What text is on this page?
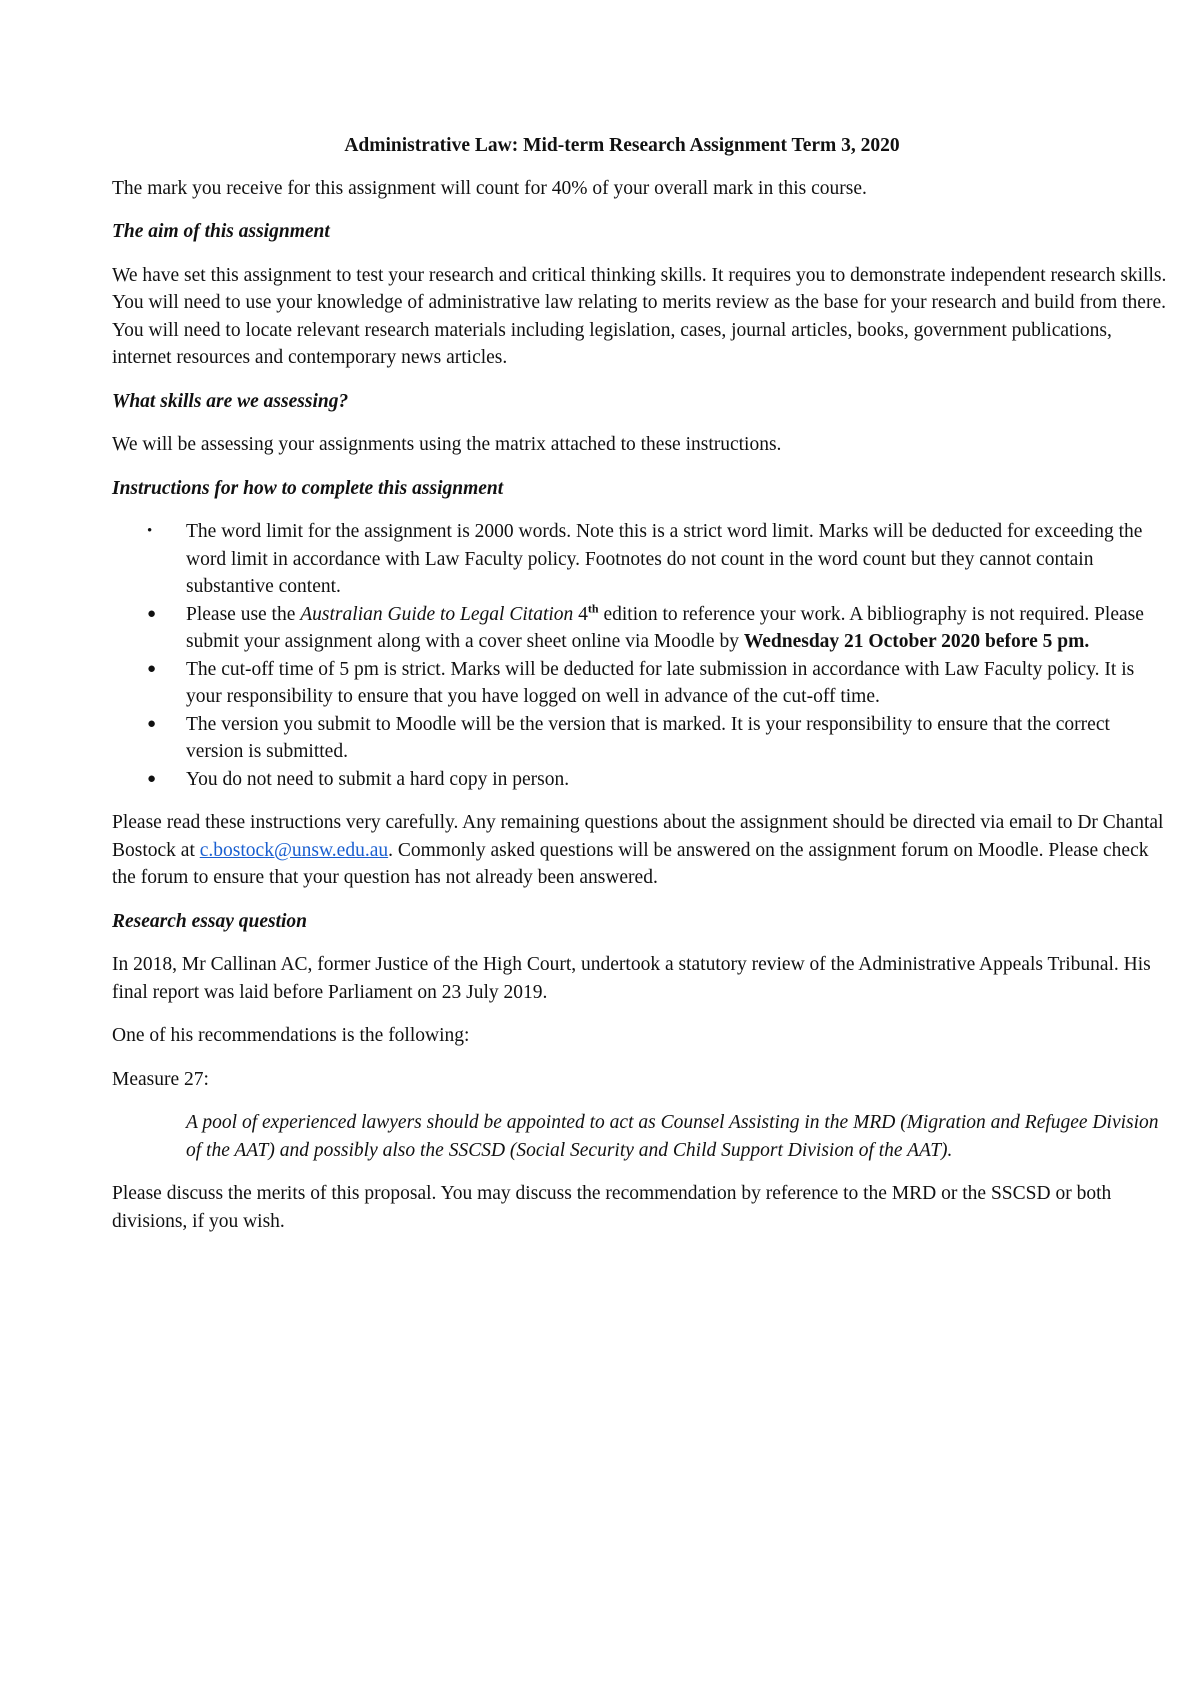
Administrative Law: Mid-term Research Assignment Term 3, 2020

The mark you receive for this assignment will count for 40% of your overall mark in this course.

The aim of this assignment

We have set this assignment to test your research and critical thinking skills. It requires you to demonstrate independent research skills. You will need to use your knowledge of administrative law relating to merits review as the base for your research and build from there. You will need to locate relevant research materials including legislation, cases, journal articles, books, government publications, internet resources and contemporary news articles.

What skills are we assessing?

We will be assessing your assignments using the matrix attached to these instructions.

Instructions for how to complete this assignment
• The word limit for the assignment is 2000 words. Note this is a strict word limit. Marks will be deducted for exceeding the word limit in accordance with Law Faculty policy. Footnotes do not count in the word count but they cannot contain substantive content.
● Please use the Australian Guide to Legal Citation 4th edition to reference your work. A bibliography is not required. Please submit your assignment along with a cover sheet online via Moodle by Wednesday 21 October 2020 before 5 pm.
● The cut-off time of 5 pm is strict. Marks will be deducted for late submission in accordance with Law Faculty policy. It is your responsibility to ensure that you have logged on well in advance of the cut-off time.
● The version you submit to Moodle will be the version that is marked. It is your responsibility to ensure that the correct version is submitted.
● You do not need to submit a hard copy in person.

Please read these instructions very carefully. Any remaining questions about the assignment should be directed via email to Dr Chantal Bostock at c.bostock@unsw.edu.au. Commonly asked questions will be answered on the assignment forum on Moodle. Please check the forum to ensure that your question has not already been answered.

Research essay question

In 2018, Mr Callinan AC, former Justice of the High Court, undertook a statutory review of the Administrative Appeals Tribunal. His final report was laid before Parliament on 23 July 2019.

One of his recommendations is the following:

Measure 27:

A pool of experienced lawyers should be appointed to act as Counsel Assisting in the MRD (Migration and Refugee Division of the AAT) and possibly also the SSCSD (Social Security and Child Support Division of the AAT).

Please discuss the merits of this proposal. You may discuss the recommendation by reference to the MRD or the SSCSD or both divisions, if you wish.
